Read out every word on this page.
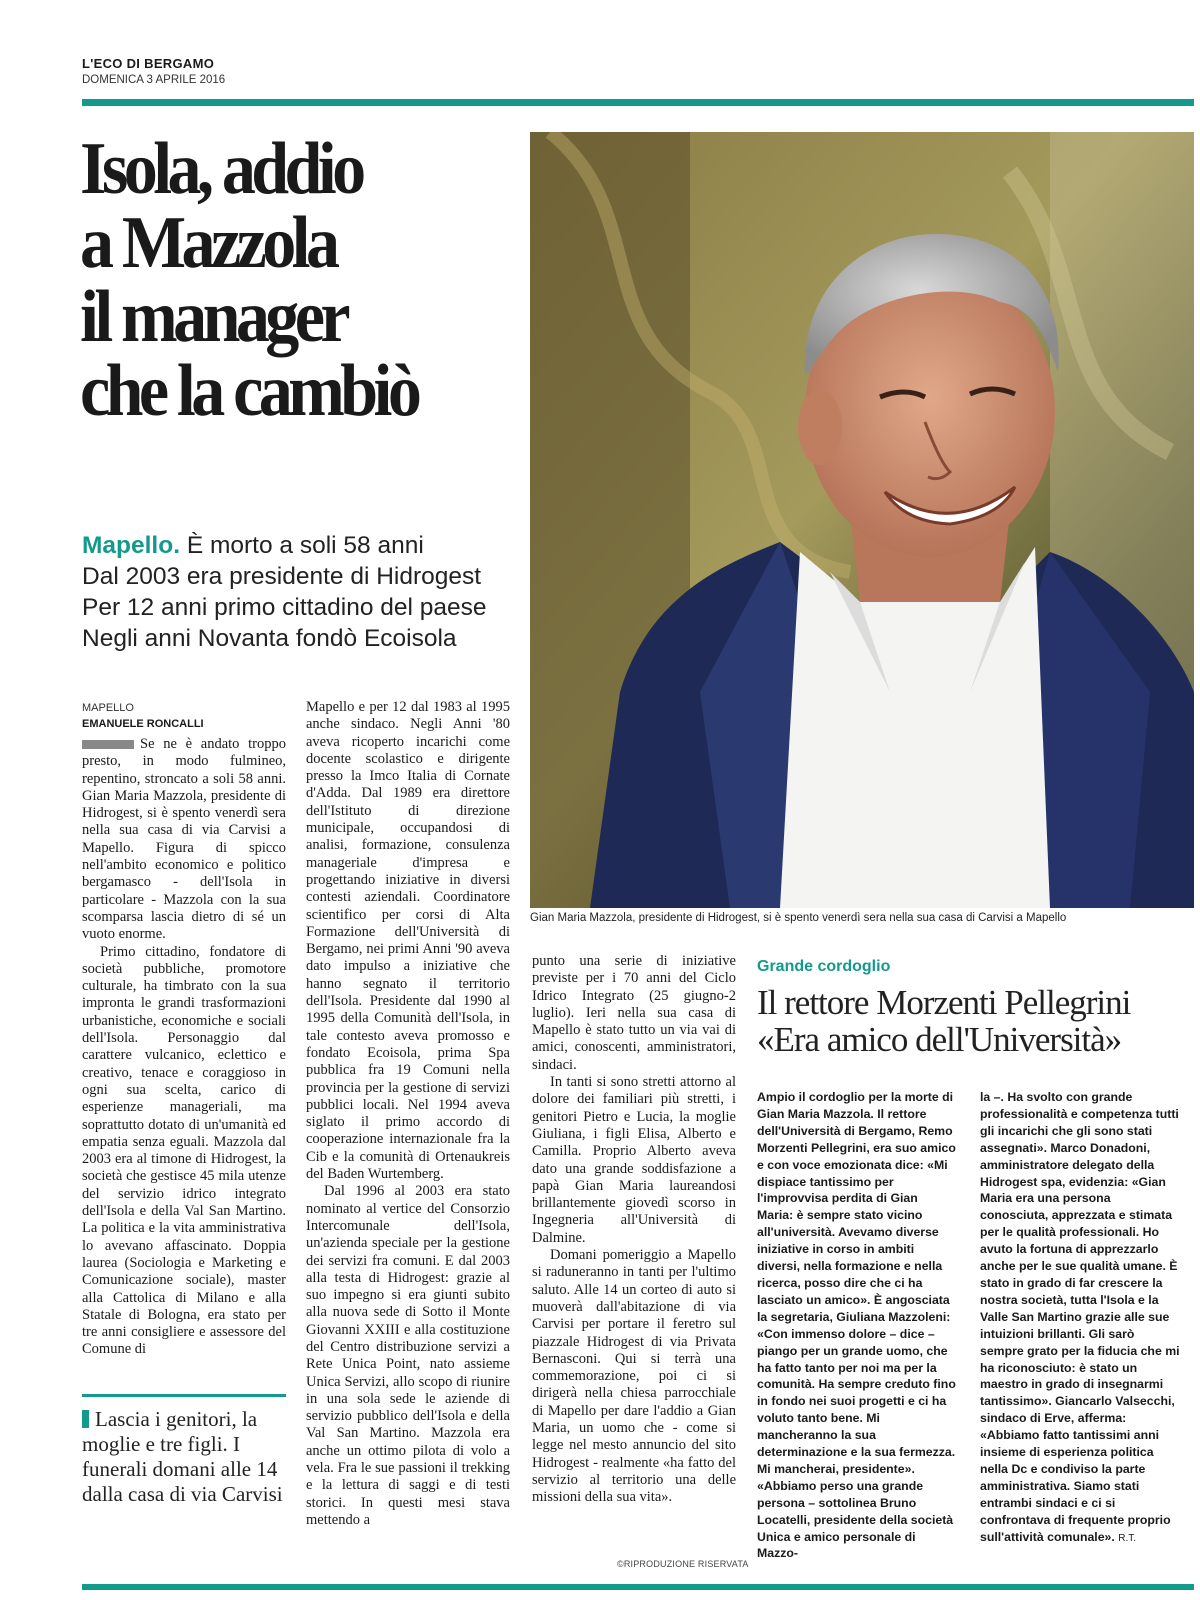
L'ECO DI BERGAMO
DOMENICA 3 APRILE 2016
Isola, addio
a Mazzola
il manager
che la cambiò
Mapello. È morto a soli 58 anni
Dal 2003 era presidente di Hidrogest
Per 12 anni primo cittadino del paese
Negli anni Novanta fondò Ecoisola
Gian Maria Mazzola, presidente di Hidrogest, si è spento venerdì sera nella sua casa di Carvisi a Mapello
MAPELLO
EMANUELE RONCALLI

Se ne è andato troppo presto, in modo fulmineo, repentino, stroncato a soli 58 anni. Gian Maria Mazzola, presidente di Hidrogest, si è spento venerdì sera nella sua casa di via Carvisi a Mapello. Figura di spicco nell'ambito economico e politico bergamasco - dell'Isola in particolare - Mazzola con la sua scomparsa lascia dietro di sé un vuoto enorme.

Primo cittadino, fondatore di società pubbliche, promotore culturale, ha timbrato con la sua impronta le grandi trasformazioni urbanistiche, economiche e sociali dell'Isola. Personaggio dal carattere vulcanico, eclettico e creativo, tenace e coraggioso in ogni sua scelta, carico di esperienze manageriali, ma soprattutto dotato di un'umanità ed empatia senza eguali. Mazzola dal 2003 era al timone di Hidrogest, la società che gestisce 45 mila utenze del servizio idrico integrato dell'Isola e della Val San Martino. La politica e la vita amministrativa lo avevano affascinato. Doppia laurea (Sociologia e Marketing e Comunicazione sociale), master alla Cattolica di Milano e alla Statale di Bologna, era stato per tre anni consigliere e assessore del Comune di

Mapello e per 12 dal 1983 al 1995 anche sindaco. Negli Anni '80 aveva ricoperto incarichi come docente scolastico e dirigente presso la Imco Italia di Cornate d'Adda. Dal 1989 era direttore dell'Istituto di direzione municipale, occupandosi di analisi, formazione, consulenza manageriale d'impresa e progettando iniziative in diversi contesti aziendali. Coordinatore scientifico per corsi di Alta Formazione dell'Università di Bergamo, nei primi Anni '90 aveva dato impulso a iniziative che hanno segnato il territorio dell'Isola. Presidente dal 1990 al 1995 della Comunità dell'Isola, in tale contesto aveva promosso e fondato Ecoisola, prima Spa pubblica fra 19 Comuni nella provincia per la gestione di servizi pubblici locali. Nel 1994 aveva siglato il primo accordo di cooperazione internazionale fra la Cib e la comunità di Ortenaukreis del Baden Wurtemberg.

Dal 1996 al 2003 era stato nominato al vertice del Consorzio Intercomunale dell'Isola, un'azienda speciale per la gestione dei servizi fra comuni. E dal 2003 alla testa di Hidrogest: grazie al suo impegno si era giunti subito alla nuova sede di Sotto il Monte Giovanni XXIII e alla costituzione del Centro distribuzione servizi a Rete Unica Point, nato assieme Unica Servizi, allo scopo di riunire in una sola sede le aziende di servizio pubblico dell'Isola e della Val San Martino. Mazzola era anche un ottimo pilota di volo a vela. Fra le sue passioni il trekking e la lettura di saggi e di testi storici. In questi mesi stava mettendo a

punto una serie di iniziative previste per i 70 anni del Ciclo Idrico Integrato (25 giugno-2 luglio). Ieri nella sua casa di Mapello è stato tutto un via vai di amici, conoscenti, amministratori, sindaci.

In tanti si sono stretti attorno al dolore dei familiari più stretti, i genitori Pietro e Lucia, la moglie Giuliana, i figli Elisa, Alberto e Camilla. Proprio Alberto aveva dato una grande soddisfazione a papà Gian Maria laureandosi brillantemente giovedì scorso in Ingegneria all'Università di Dalmine.

Domani pomeriggio a Mapello si raduneranno in tanti per l'ultimo saluto. Alle 14 un corteo di auto si muoverà dall'abitazione di via Carvisi per portare il feretro sul piazzale Hidrogest di via Privata Bernasconi. Qui si terrà una commemorazione, poi ci si dirigerà nella chiesa parrocchiale di Mapello per dare l'addio a Gian Maria, un uomo che - come si legge nel mesto annuncio del sito Hidrogest - realmente «ha fatto del servizio al territorio una delle missioni della sua vita».

©RIPRODUZIONE RISERVATA
Lascia i genitori, la moglie e tre figli. I funerali domani alle 14 dalla casa di via Carvisi
Grande cordoglio
Il rettore Morzenti Pellegrini
«Era amico dell'Università»

Ampio il cordoglio per la morte di Gian Maria Mazzola. Il rettore dell'Università di Bergamo, Remo Morzenti Pellegrini, era suo amico e con voce emozionata dice: «Mi dispiace tantissimo per l'improvvisa perdita di Gian Maria: è sempre stato vicino all'università. Avevamo diverse iniziative in corso in ambiti diversi, nella formazione e nella ricerca, posso dire che ci ha lasciato un amico». È angosciata la segretaria, Giuliana Mazzoleni: «Con immenso dolore – dice – piango per un grande uomo, che ha fatto tanto per noi ma per la comunità. Ha sempre creduto fino in fondo nei suoi progetti e ci ha voluto tanto bene. Mi mancheranno la sua determinazione e la sua fermezza. Mi mancherai, presidente». «Abbiamo perso una grande persona – sottolinea Bruno Locatelli, presidente della società Unica e amico personale di Mazzo-

la –. Ha svolto con grande professionalità e competenza tutti gli incarichi che gli sono stati assegnati». Marco Donadoni, amministratore delegato della Hidrogest spa, evidenzia: «Gian Maria era una persona conosciuta, apprezzata e stimata per le qualità professionali. Ho avuto la fortuna di apprezzarlo anche per le sue qualità umane. È stato in grado di far crescere la nostra società, tutta l'Isola e la Valle San Martino grazie alle sue intuizioni brillanti. Gli sarò sempre grato per la fiducia che mi ha riconosciuto: è stato un maestro in grado di insegnarmi tantissimo». Giancarlo Valsecchi, sindaco di Erve, afferma: «Abbiamo fatto tantissimi anni insieme di esperienza politica nella Dc e condiviso la parte amministrativa. Siamo stati entrambi sindaci e ci si confrontava di frequente proprio sull'attività comunale». R.T.
